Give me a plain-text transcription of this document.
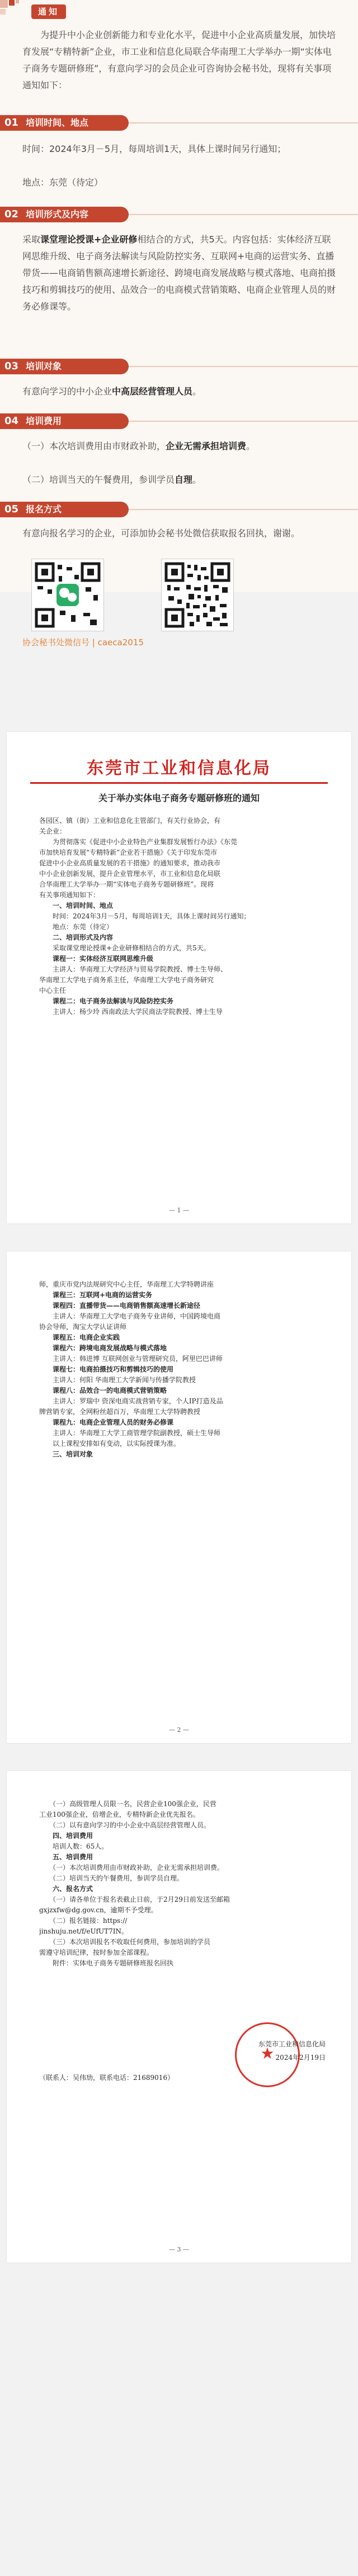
通知
为提升中小企业创新能力和专业化水平，促进中小企业高质量发展，加快培育发展“专精特新”企业，市工业和信息化局联合华南理工大学举办一期“实体电子商务专题研修班”，有意向学习的会员企业可咨询协会秘书处，现将有关事项通知如下：
01 培训时间、地点
时间：2024年3月－5月，每周培训1天，具体上课时间另行通知；
地点：东莞（待定）
02 培训形式及内容
采取课堂理论授课+企业研修相结合的方式，共5天。内容包括：实体经济互联网思维升级、电子商务法解读与风险防控实务、互联网+电商的运营实务、直播带货——电商销售额高速增长新途径、跨境电商发展战略与模式落地、电商拍摄技巧和剪辑技巧的使用、品效合一的电商模式营销策略、电商企业管理人员的财务必修课等。
03 培训对象
有意向学习的中小企业中高层经营管理人员。
04 培训费用
（一）本次培训费用由市财政补助，企业无需承担培训费。
（二）培训当天的午餐费用，参训学员自理。
05 报名方式
有意向报名学习的企业，可添加协会秘书处微信获取报名回执，谢谢。
协会秘书处微信号 | caeca2015
东莞市工业和信息化局
关于举办实体电子商务专题研修班的通知
各园区、镇（街）工业和信息化主管部门，有关行业协会，有
关企业：
　　为贯彻落实《促进中小企业特色产业集群发展暂行办法》《东莞
市加快培育发展“专精特新”企业若干措施》《关于印发东莞市
促进中小企业高质量发展的若干措施》的通知要求，推动我市
中小企业创新发展，提升企业管理水平，市工业和信息化局联
合华南理工大学举办一期“实体电子商务专题研修班”。现将
有关事项通知如下：
　　一、培训时间、地点
　　时间：2024年3月－5月，每周培训1天，具体上课时间另行通知；
　　地点：东莞（待定）
　　二、培训形式及内容
　　采取课堂理论授课+企业研修相结合的方式，共5天。
　　课程一：实体经济互联网思维升级
　　主讲人：华南理工大学经济与贸易学院教授、博士生导师、
华南理工大学电子商务系主任，华南理工大学电子商务研究
中心主任
　　课程二：电子商务法解读与风险防控实务
　　主讲人：杨少玲 西南政法大学民商法学院教授、博士生导
— 1 —
师，重庆市党内法规研究中心主任，华南理工大学特聘讲座
　　课程三：互联网+电商的运营实务
　　课程四：直播带货——电商销售额高速增长新途径
　　主讲人：华南理工大学电子商务专业讲师，中国跨境电商
协会导师，淘宝大学认证讲师
　　课程五：电商企业实践
　　课程六：跨境电商发展战略与模式落地
　　主讲人：韩进博 互联网创业与管理研究员，阿里巴巴讲师
　　课程七：电商拍摄技巧和剪辑技巧的使用
　　主讲人：何阳 华南理工大学新闻与传播学院教授
　　课程八：品效合一的电商模式营销策略
　　主讲人：罗瑞中 资深电商实战营销专家，个人IP打造及品
牌营销专家，全网粉丝超百万，华南理工大学特聘教授
　　课程九：电商企业管理人员的财务必修课
　　主讲人：华南理工大学工商管理学院副教授，硕士生导师
　　以上课程安排如有变动，以实际授课为准。
　　三、培训对象
— 2 —
　　（一）高级管理人员限一名，民营企业100强企业，民营
工业100强企业，倍增企业，专精特新企业优先报名。
　　（二）以有意向学习的中小企业中高层经营管理人员。
　　四、培训费用
　　培训人数：65人。
　　五、培训费用
　　（一）本次培训费用由市财政补助，企业无需承担培训费。
　　（二）培训当天的午餐费用，参训学员自理。
　　六、报名方式
　　（一）请各单位于报名表截止日前，于2月29日前发送至邮箱
gxjzxfw@dg.gov.cn，逾期不予受理。
　　（二）报名链接：https://
jinshuju.net/f/eUfUT7IN。
　　（三）本次培训报名不收取任何费用，参加培训的学员
需遵守培训纪律，按时参加全部课程。
　　附件：实体电子商务专题研修班报名回执
★
东莞市工业和信息化局
2024年2月19日
（联系人：吴伟劢，联系电话：21689016）
— 3 —
